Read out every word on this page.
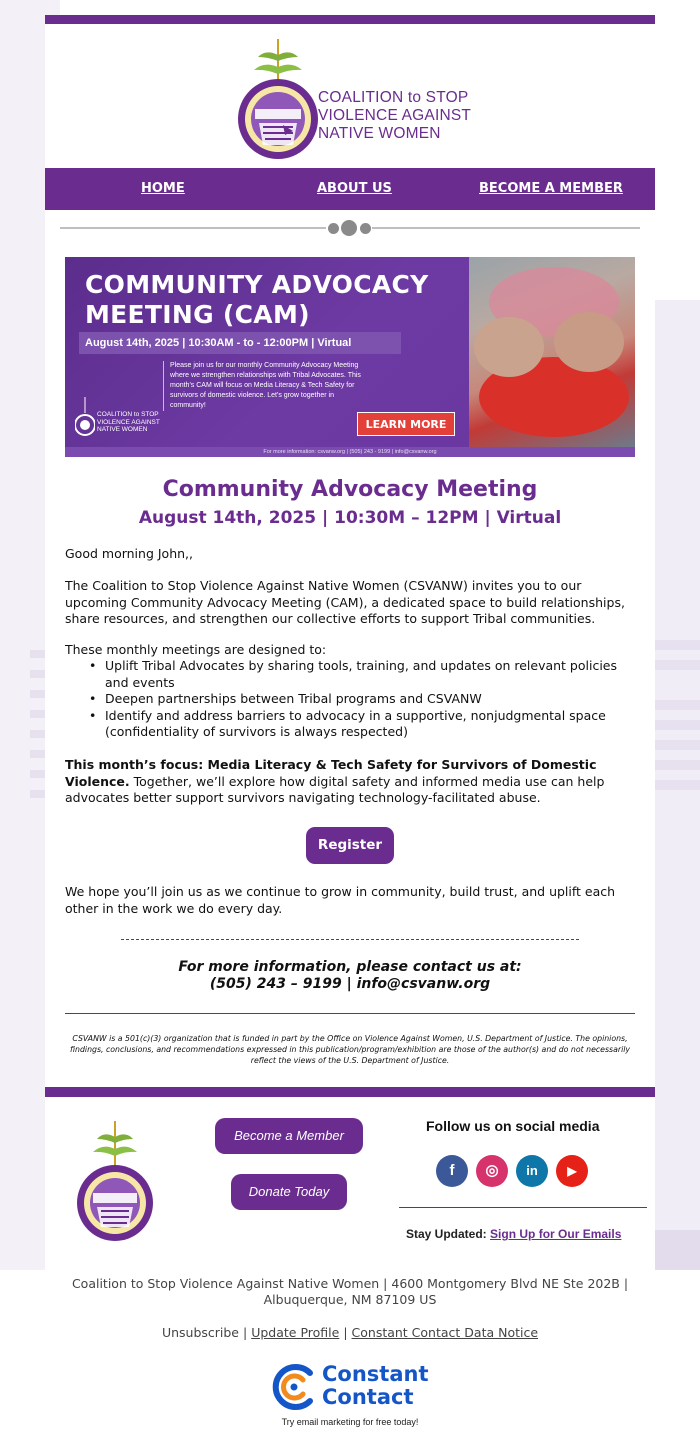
COALITION to STOP
VIOLENCE AGAINST
NATIVE WOMEN
HOME	ABOUT US	BECOME A MEMBER
COMMUNITY ADVOCACY
MEETING (CAM)
August 14th, 2025 | 10:30AM - to - 12:00PM | Virtual
Please join us for our monthly Community Advocacy Meeting where we strengthen relationships with Tribal Advocates. This month's CAM will focus on Media Literacy & Tech Safety for survivors of domestic violence. Let's grow together in community!
COALITION to STOP
VIOLENCE AGAINST
NATIVE WOMEN	LEARN MORE
For more information: csvanw.org | (505) 243 - 9199 | info@csvanw.org
Community Advocacy Meeting
August 14th, 2025 | 10:30M – 12PM | Virtual
Good morning John,,
The Coalition to Stop Violence Against Native Women (CSVANW) invites you to our upcoming Community Advocacy Meeting (CAM), a dedicated space to build relationships, share resources, and strengthen our collective efforts to support Tribal communities.
These monthly meetings are designed to:
• Uplift Tribal Advocates by sharing tools, training, and updates on relevant policies and events
• Deepen partnerships between Tribal programs and CSVANW
• Identify and address barriers to advocacy in a supportive, nonjudgmental space (confidentiality of survivors is always respected)
This month’s focus: Media Literacy & Tech Safety for Survivors of Domestic Violence. Together, we’ll explore how digital safety and informed media use can help advocates better support survivors navigating technology-facilitated abuse.
Register
We hope you’ll join us as we continue to grow in community, build trust, and uplift each other in the work we do every day.
For more information, please contact us at:
(505) 243 – 9199 | info@csvanw.org
CSVANW is a 501(c)(3) organization that is funded in part by the Office on Violence Against Women, U.S. Department of Justice. The opinions, findings, conclusions, and recommendations expressed in this publication/program/exhibition are those of the author(s) and do not necessarily reflect the views of the U.S. Department of Justice.
Become a Member
Donate Today
Follow us on social media
f	◎	in	▶
Stay Updated: Sign Up for Our Emails
Coalition to Stop Violence Against Native Women | 4600 Montgomery Blvd NE Ste 202B | Albuquerque, NM 87109 US
Unsubscribe | Update Profile | Constant Contact Data Notice
Constant
Contact
Try email marketing for free today!
